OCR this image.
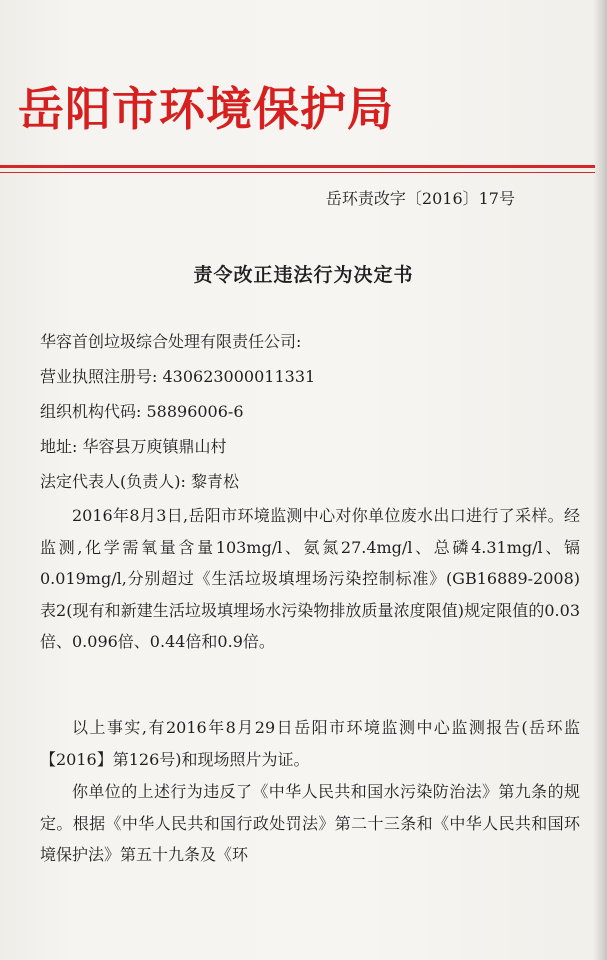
岳阳市环境保护局
岳环责改字〔2016〕17号
责令改正违法行为决定书
华容首创垃圾综合处理有限责任公司:
营业执照注册号: 430623000011331
组织机构代码: 58896006-6
地址: 华容县万庾镇鼎山村
法定代表人(负责人): 黎青松
2016年8月3日,岳阳市环境监测中心对你单位废水出口进行了采样。经监测,化学需氧量含量103mg/l、氨氮27.4mg/l、总磷4.31mg/l、镉0.019mg/l,分别超过《生活垃圾填埋场污染控制标准》(GB16889-2008)表2(现有和新建生活垃圾填埋场水污染物排放质量浓度限值)规定限值的0.03倍、0.096倍、0.44倍和0.9倍。
以上事实,有2016年8月29日岳阳市环境监测中心监测报告(岳环监【2016】第126号)和现场照片为证。
你单位的上述行为违反了《中华人民共和国水污染防治法》第九条的规定。根据《中华人民共和国行政处罚法》第二十三条和《中华人民共和国环境保护法》第五十九条及《环
